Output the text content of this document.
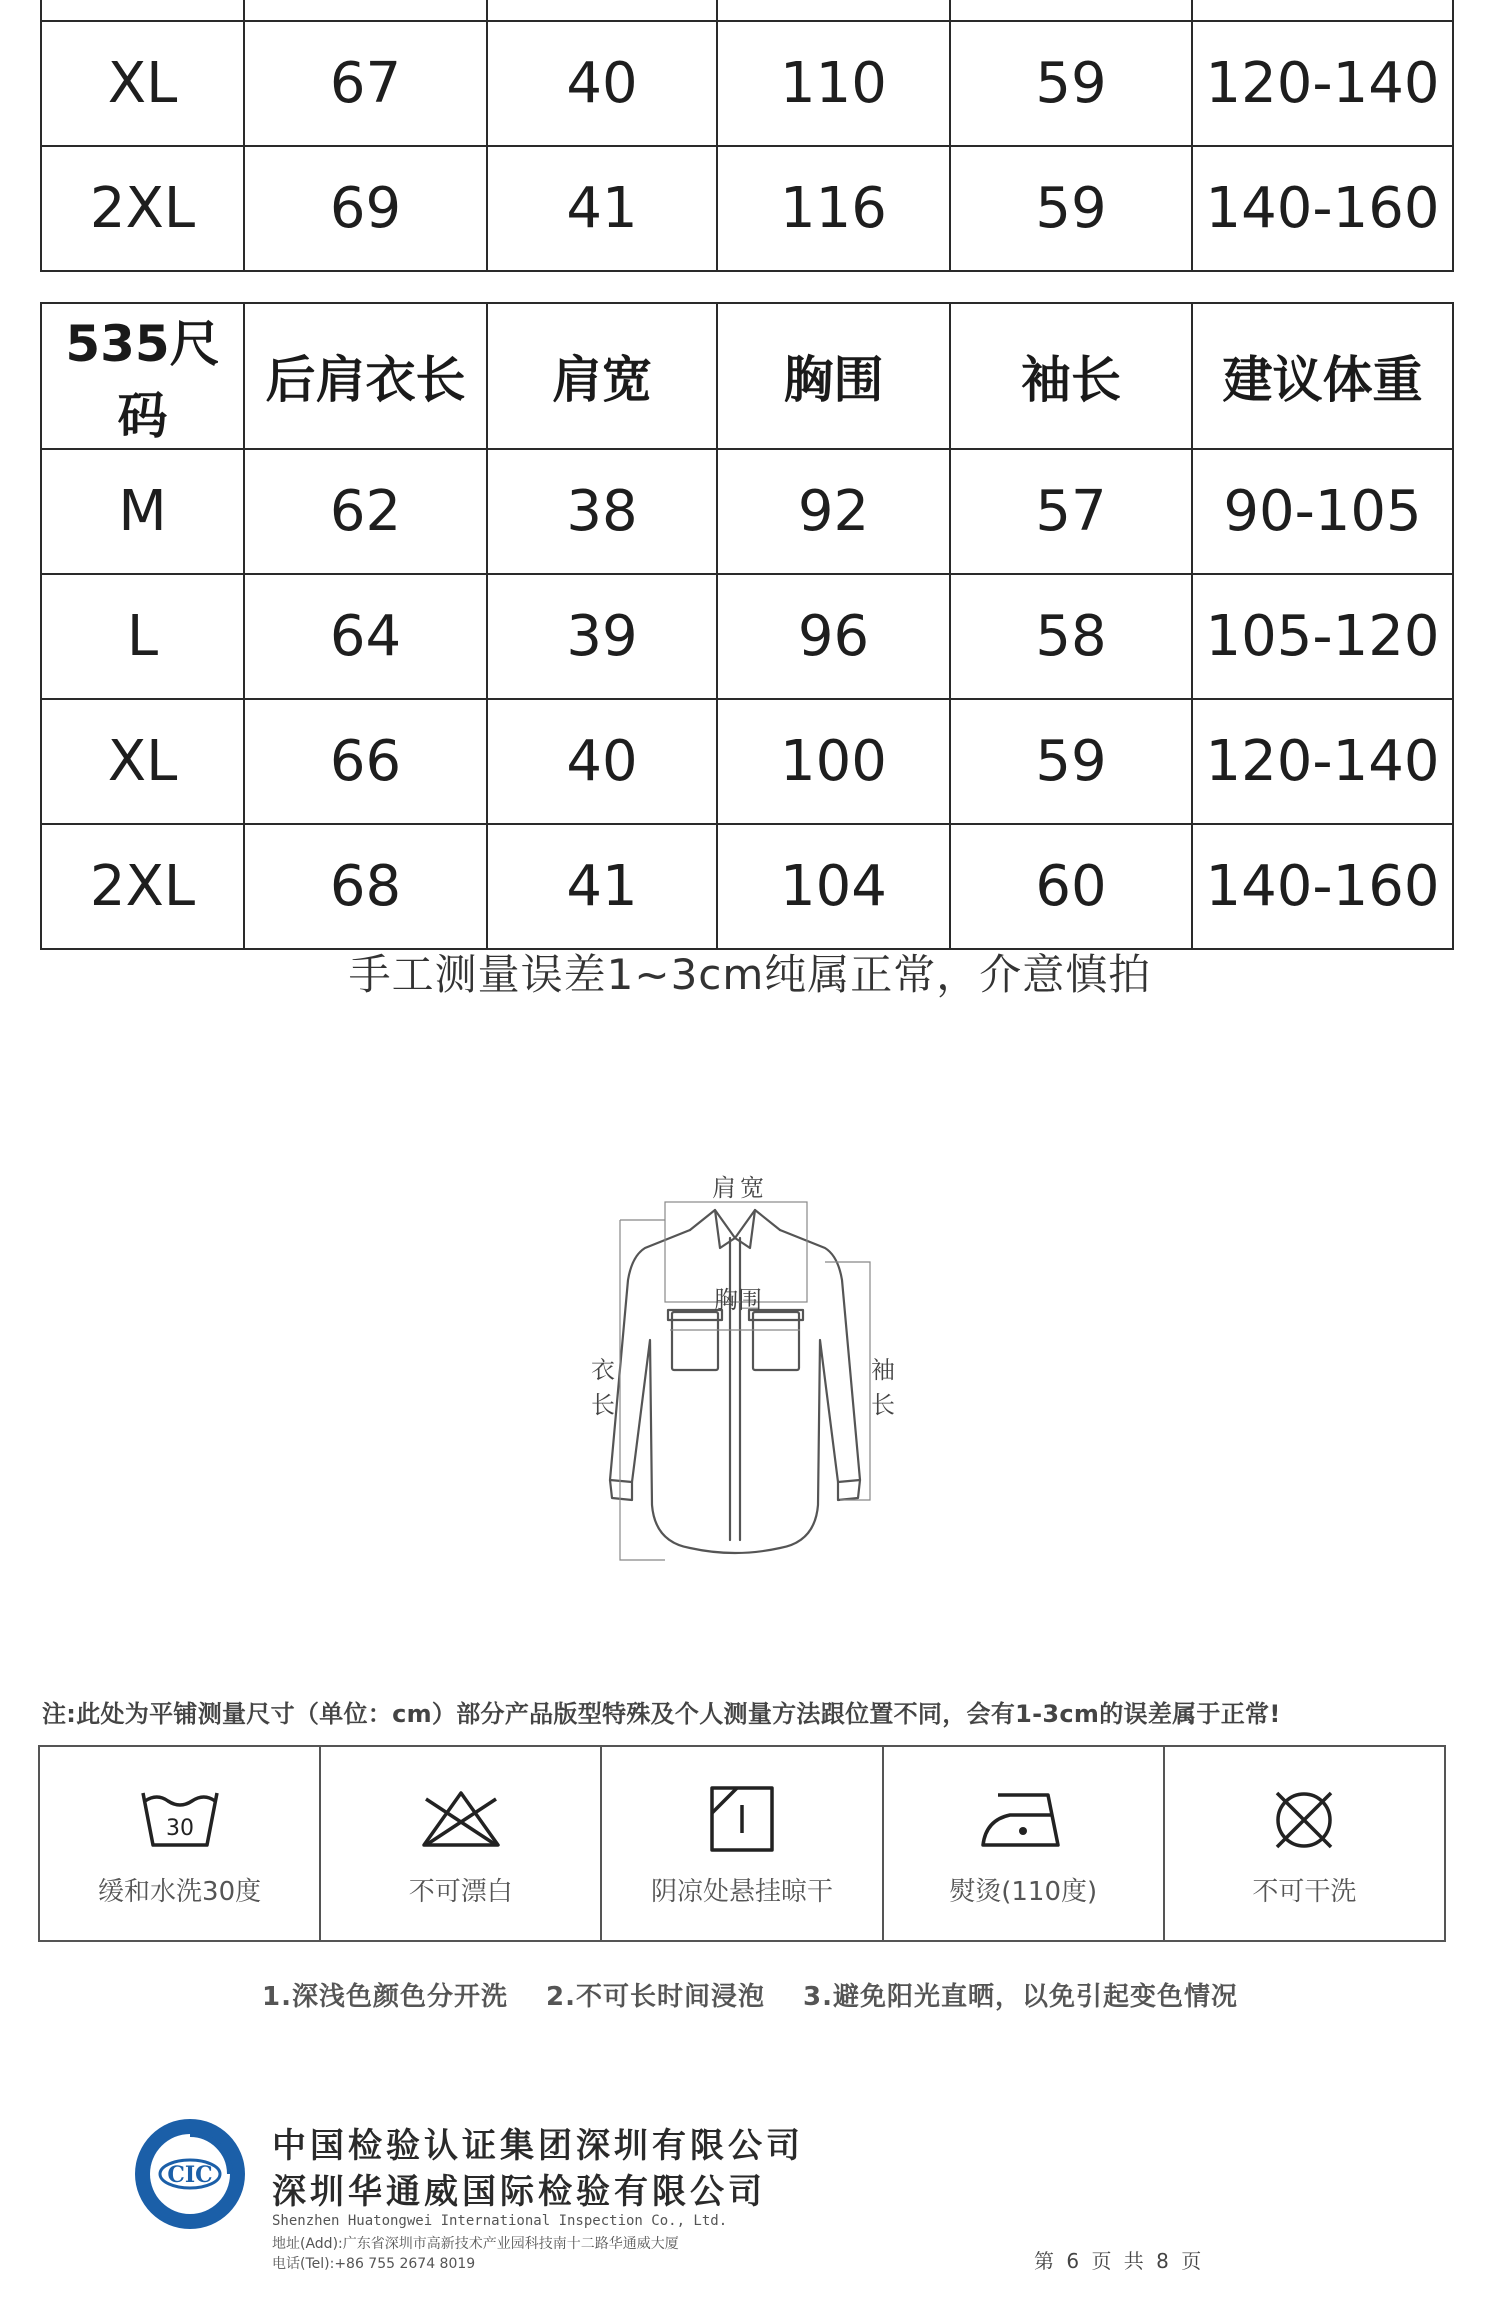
XL	67	40	110	59	120-140
2XL	69	41	116	59	140-160
535尺码	后肩衣长	肩宽	胸围	袖长	建议体重
M	62	38	92	57	90-105
L	64	39	96	58	105-120
XL	66	40	100	59	120-140
2XL	68	41	104	60	140-160
手工测量误差1~3cm纯属正常，介意慎拍
肩宽
胸围
衣
长
袖
长
注:此处为平铺测量尺寸（单位：cm）部分产品版型特殊及个人测量方法跟位置不同，会有1-3cm的误差属于正常!
30
缓和水洗30度	不可漂白	阴凉处悬挂晾干	熨烫(110度)	不可干洗
1.深浅色颜色分开洗 2.不可长时间浸泡 3.避免阳光直晒，以免引起变色情况
CIC
中国检验认证集团深圳有限公司
深圳华通威国际检验有限公司
Shenzhen Huatongwei International Inspection Co., Ltd.
地址(Add):广东省深圳市高新技术产业园科技南十二路华通威大厦
电话(Tel):+86 755 2674 8019	第 6 页 共 8 页
